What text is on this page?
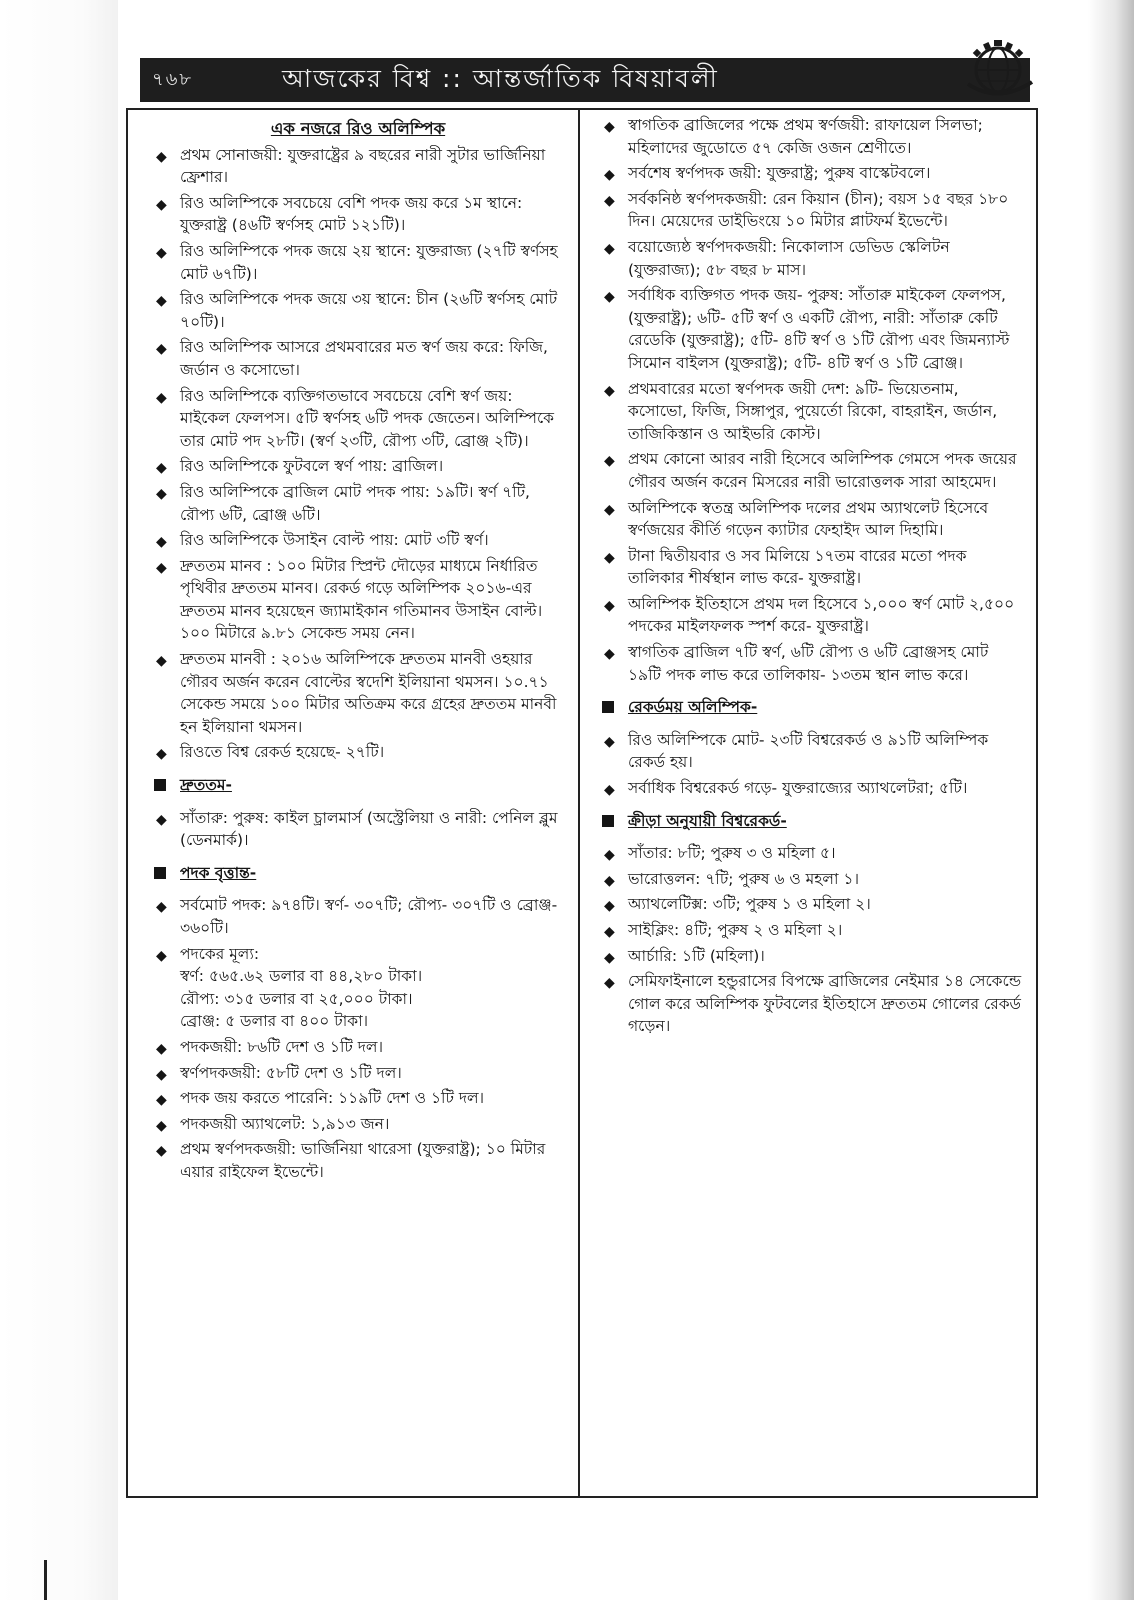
৭৬৮	আজকের বিশ্ব :: আন্তর্জাতিক বিষয়াবলী
এক নজরে রিও অলিম্পিক
◆ প্রথম সোনাজয়ী: যুক্তরাষ্ট্রের ৯ বছরের নারী সুটার ভার্জিনিয়া ফ্রেশার।
◆ রিও অলিম্পিকে সবচেয়ে বেশি পদক জয় করে ১ম স্থানে: যুক্তরাষ্ট্র (৪৬টি স্বর্ণসহ মোট ১২১টি)।
◆ রিও অলিম্পিকে পদক জয়ে ২য় স্থানে: যুক্তরাজ্য (২৭টি স্বর্ণসহ মোট ৬৭টি)।
◆ রিও অলিম্পিকে পদক জয়ে ৩য় স্থানে: চীন (২৬টি স্বর্ণসহ মোট ৭০টি)।
◆ রিও অলিম্পিক আসরে প্রথমবারের মত স্বর্ণ জয় করে: ফিজি, জর্ডান ও কসোভো।
◆ রিও অলিম্পিকে ব্যক্তিগতভাবে সবচেয়ে বেশি স্বর্ণ জয়: মাইকেল ফেলপস। ৫টি স্বর্ণসহ ৬টি পদক জেতেন। অলিম্পিকে তার মোট পদ ২৮টি। (স্বর্ণ ২৩টি, রৌপ্য ৩টি, ব্রোঞ্জ ২টি)।
◆ রিও অলিম্পিকে ফুটবলে স্বর্ণ পায়: ব্রাজিল।
◆ রিও অলিম্পিকে ব্রাজিল মোট পদক পায়: ১৯টি। স্বর্ণ ৭টি, রৌপ্য ৬টি, ব্রোঞ্জ ৬টি।
◆ রিও অলিম্পিকে উসাইন বোল্ট পায়: মোট ৩টি স্বর্ণ।
◆ দ্রুততম মানব : ১০০ মিটার স্প্রিন্ট দৌড়ের মাধ্যমে নির্ধারিত পৃথিবীর দ্রুততম মানব। রেকর্ড গড়ে অলিম্পিক ২০১৬-এর দ্রুততম মানব হয়েছেন জ্যামাইকান গতিমানব উসাইন বোল্ট। ১০০ মিটারে ৯.৮১ সেকেন্ড সময় নেন।
◆ দ্রুততম মানবী : ২০১৬ অলিম্পিকে দ্রুততম মানবী ওহয়ার গৌরব অর্জন করেন বোল্টের স্বদেশি ইলিয়ানা থমসন। ১০.৭১ সেকেন্ড সময়ে ১০০ মিটার অতিক্রম করে গ্রহের দ্রুততম মানবী হন ইলিয়ানা থমসন।
◆ রিওতে বিশ্ব রেকর্ড হয়েছে- ২৭টি।
দ্রুততম-
◆ সাঁতারু: পুরুষ: কাইল চ্রালমার্স (অস্ট্রেলিয়া ও নারী: পেনিল ব্লুম (ডেনমার্ক)।
পদক বৃত্তান্ত-
◆ সর্বমোট পদক: ৯৭৪টি। স্বর্ণ- ৩০৭টি; রৌপ্য- ৩০৭টি ও ব্রোঞ্জ- ৩৬০টি।
◆ পদকের মূল্য:
স্বর্ণ: ৫৬৫.৬২ ডলার বা ৪৪,২৮০ টাকা।
রৌপ্য: ৩১৫ ডলার বা ২৫,০০০ টাকা।
ব্রোঞ্জ: ৫ ডলার বা ৪০০ টাকা।
◆ পদকজয়ী: ৮৬টি দেশ ও ১টি দল।
◆ স্বর্ণপদকজয়ী: ৫৮টি দেশ ও ১টি দল।
◆ পদক জয় করতে পারেনি: ১১৯টি দেশ ও ১টি দল।
◆ পদকজয়ী অ্যাথলেট: ১,৯১৩ জন।
◆ প্রথম স্বর্ণপদকজয়ী: ভার্জিনিয়া থারেসা (যুক্তরাষ্ট্র); ১০ মিটার এয়ার রাইফেল ইভেন্টে।
◆ স্বাগতিক ব্রাজিলের পক্ষে প্রথম স্বর্ণজয়ী: রাফায়েল সিলভা; মহিলাদের জুডোতে ৫৭ কেজি ওজন শ্রেণীতে।
◆ সর্বশেষ স্বর্ণপদক জয়ী: যুক্তরাষ্ট্র; পুরুষ বাস্কেটবলে।
◆ সর্বকনিষ্ঠ স্বর্ণপদকজয়ী: রেন কিয়ান (চীন); বয়স ১৫ বছর ১৮০ দিন। মেয়েদের ডাইভিংয়ে ১০ মিটার প্লাটফর্ম ইভেন্টে।
◆ বয়োজ্যেষ্ঠ স্বর্ণপদকজয়ী: নিকোলাস ডেভিড স্কেলিটন (যুক্তরাজ্য); ৫৮ বছর ৮ মাস।
◆ সর্বাধিক ব্যক্তিগত পদক জয়- পুরুষ: সাঁতারু মাইকেল ফেলপস, (যুক্তরাষ্ট্র); ৬টি- ৫টি স্বর্ণ ও একটি রৌপ্য, নারী: সাঁতারু কেটি রেডেকি (যুক্তরাষ্ট্র); ৫টি- ৪টি স্বর্ণ ও ১টি রৌপ্য এবং জিমন্যাস্ট সিমোন বাইলস (যুক্তরাষ্ট্র); ৫টি- ৪টি স্বর্ণ ও ১টি ব্রোঞ্জ।
◆ প্রথমবারের মতো স্বর্ণপদক জয়ী দেশ: ৯টি- ভিয়েতনাম, কসোভো, ফিজি, সিঙ্গাপুর, পুয়ের্তো রিকো, বাহরাইন, জর্ডান, তাজিকিস্তান ও আইভরি কোস্ট।
◆ প্রথম কোনো আরব নারী হিসেবে অলিম্পিক গেমসে পদক জয়ের গৌরব অর্জন করেন মিসরের নারী ভারোত্তলক সারা আহমেদ।
◆ অলিম্পিকে স্বতন্ত্র অলিম্পিক দলের প্রথম অ্যাথলেট হিসেবে স্বর্ণজয়ের কীর্তি গড়েন ক্যাটার ফেহাইদ আল দিহামি।
◆ টানা দ্বিতীয়বার ও সব মিলিয়ে ১৭তম বারের মতো পদক তালিকার শীর্ষস্থান লাভ করে- যুক্তরাষ্ট্র।
◆ অলিম্পিক ইতিহাসে প্রথম দল হিসেবে ১,০০০ স্বর্ণ মোট ২,৫০০ পদকের মাইলফলক স্পর্শ করে- যুক্তরাষ্ট্র।
◆ স্বাগতিক ব্রাজিল ৭টি স্বর্ণ, ৬টি রৌপ্য ও ৬টি ব্রোঞ্জসহ মোট ১৯টি পদক লাভ করে তালিকায়- ১৩তম স্থান লাভ করে।
রেকর্ডময় অলিম্পিক-
◆ রিও অলিম্পিকে মোট- ২৩টি বিশ্বরেকর্ড ও ৯১টি অলিম্পিক রেকর্ড হয়।
◆ সর্বাধিক বিশ্বরেকর্ড গড়ে- যুক্তরাজ্যের অ্যাথলেটরা; ৫টি।
ক্রীড়া অনুযায়ী বিশ্বরেকর্ড-
◆ সাঁতার: ৮টি; পুরুষ ৩ ও মহিলা ৫।
◆ ভারোত্তলন: ৭টি; পুরুষ ৬ ও মহলা ১।
◆ অ্যাথলেটিক্স: ৩টি; পুরুষ ১ ও মহিলা ২।
◆ সাইক্লিং: ৪টি; পুরুষ ২ ও মহিলা ২।
◆ আর্চারি: ১টি (মহিলা)।
◆ সেমিফাইনালে হন্ডুরাসের বিপক্ষে ব্রাজিলের নেইমার ১৪ সেকেন্ডে গোল করে অলিম্পিক ফুটবলের ইতিহাসে দ্রুততম গোলের রেকর্ড গড়েন।
